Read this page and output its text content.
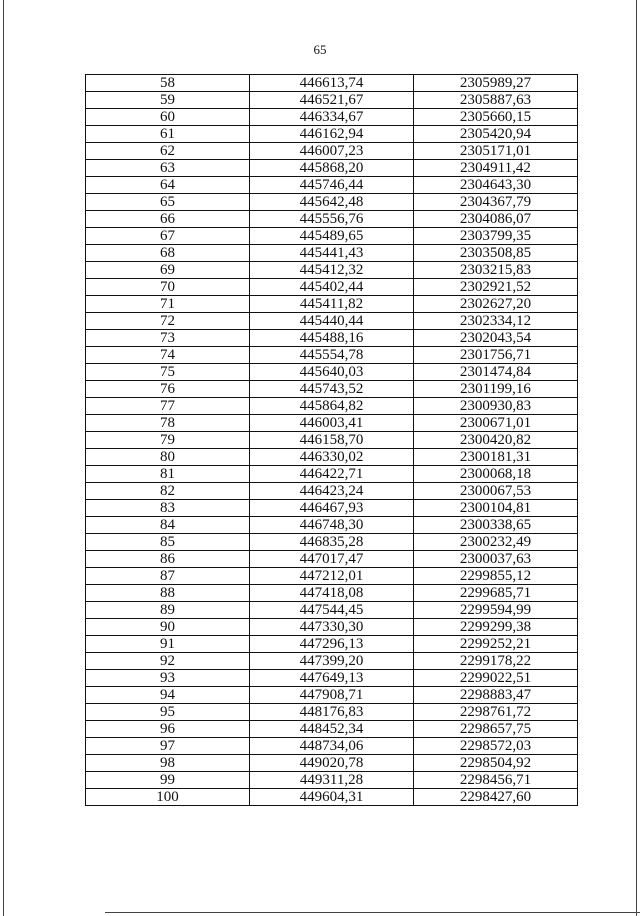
65
58	446613,74	2305989,27
59	446521,67	2305887,63
60	446334,67	2305660,15
61	446162,94	2305420,94
62	446007,23	2305171,01
63	445868,20	2304911,42
64	445746,44	2304643,30
65	445642,48	2304367,79
66	445556,76	2304086,07
67	445489,65	2303799,35
68	445441,43	2303508,85
69	445412,32	2303215,83
70	445402,44	2302921,52
71	445411,82	2302627,20
72	445440,44	2302334,12
73	445488,16	2302043,54
74	445554,78	2301756,71
75	445640,03	2301474,84
76	445743,52	2301199,16
77	445864,82	2300930,83
78	446003,41	2300671,01
79	446158,70	2300420,82
80	446330,02	2300181,31
81	446422,71	2300068,18
82	446423,24	2300067,53
83	446467,93	2300104,81
84	446748,30	2300338,65
85	446835,28	2300232,49
86	447017,47	2300037,63
87	447212,01	2299855,12
88	447418,08	2299685,71
89	447544,45	2299594,99
90	447330,30	2299299,38
91	447296,13	2299252,21
92	447399,20	2299178,22
93	447649,13	2299022,51
94	447908,71	2298883,47
95	448176,83	2298761,72
96	448452,34	2298657,75
97	448734,06	2298572,03
98	449020,78	2298504,92
99	449311,28	2298456,71
100	449604,31	2298427,60
